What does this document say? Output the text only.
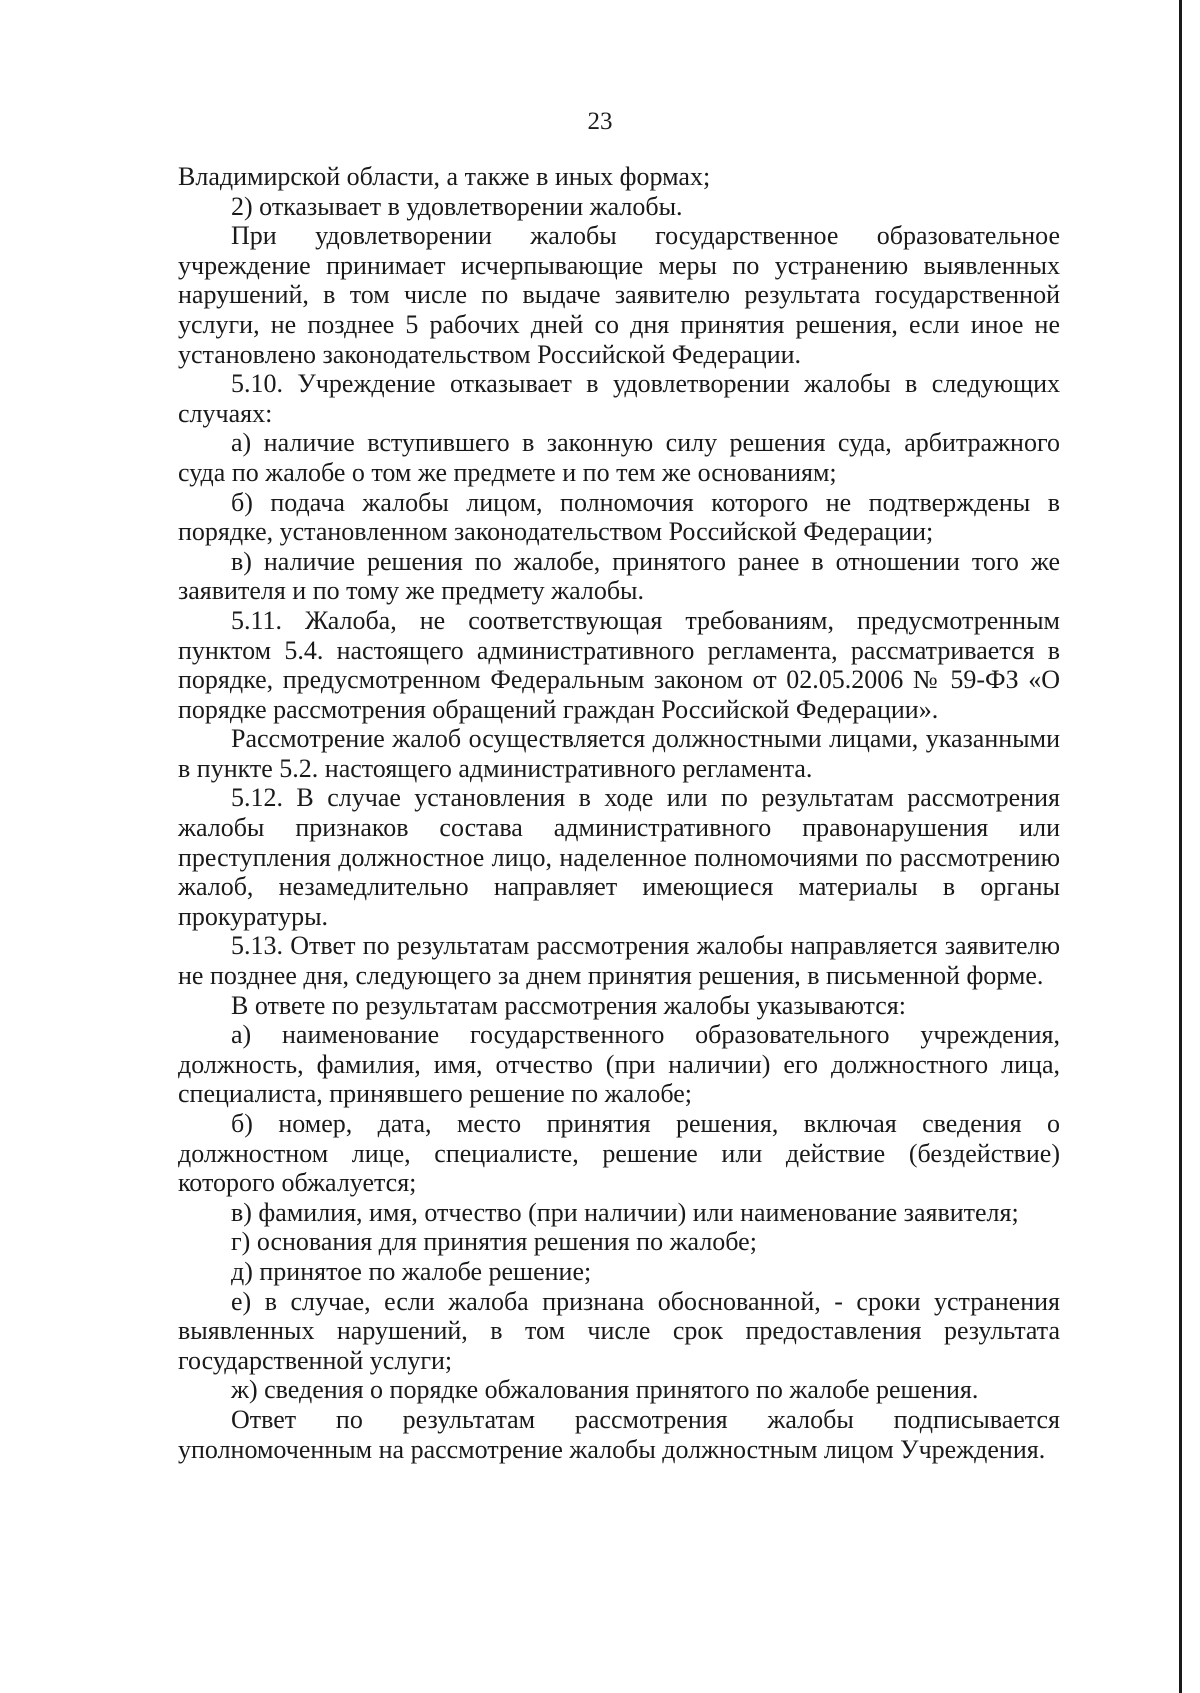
23

Владимирской области, а также в иных формах;

2) отказывает в удовлетворении жалобы.

При удовлетворении жалобы государственное образовательное учреждение принимает исчерпывающие меры по устранению выявленных нарушений, в том числе по выдаче заявителю результата государственной услуги, не позднее 5 рабочих дней со дня принятия решения, если иное не установлено законодательством Российской Федерации.

5.10. Учреждение отказывает в удовлетворении жалобы в следующих случаях:

а) наличие вступившего в законную силу решения суда, арбитражного суда по жалобе о том же предмете и по тем же основаниям;

б) подача жалобы лицом, полномочия которого не подтверждены в порядке, установленном законодательством Российской Федерации;

в) наличие решения по жалобе, принятого ранее в отношении того же заявителя и по тому же предмету жалобы.

5.11. Жалоба, не соответствующая требованиям, предусмотренным пунктом 5.4. настоящего административного регламента, рассматривается в порядке, предусмотренном Федеральным законом от 02.05.2006 № 59-ФЗ «О порядке рассмотрения обращений граждан Российской Федерации».

Рассмотрение жалоб осуществляется должностными лицами, указанными в пункте 5.2. настоящего административного регламента.

5.12. В случае установления в ходе или по результатам рассмотрения жалобы признаков состава административного правонарушения или преступления должностное лицо, наделенное полномочиями по рассмотрению жалоб, незамедлительно направляет имеющиеся материалы в органы прокуратуры.

5.13. Ответ по результатам рассмотрения жалобы направляется заявителю не позднее дня, следующего за днем принятия решения, в письменной форме.

В ответе по результатам рассмотрения жалобы указываются:

а) наименование государственного образовательного учреждения, должность, фамилия, имя, отчество (при наличии) его должностного лица, специалиста, принявшего решение по жалобе;

б) номер, дата, место принятия решения, включая сведения о должностном лице, специалисте, решение или действие (бездействие) которого обжалуется;

в) фамилия, имя, отчество (при наличии) или наименование заявителя;

г) основания для принятия решения по жалобе;

д) принятое по жалобе решение;

е) в случае, если жалоба признана обоснованной, - сроки устранения выявленных нарушений, в том числе срок предоставления результата государственной услуги;

ж) сведения о порядке обжалования принятого по жалобе решения.

Ответ по результатам рассмотрения жалобы подписывается уполномоченным на рассмотрение жалобы должностным лицом Учреждения.
